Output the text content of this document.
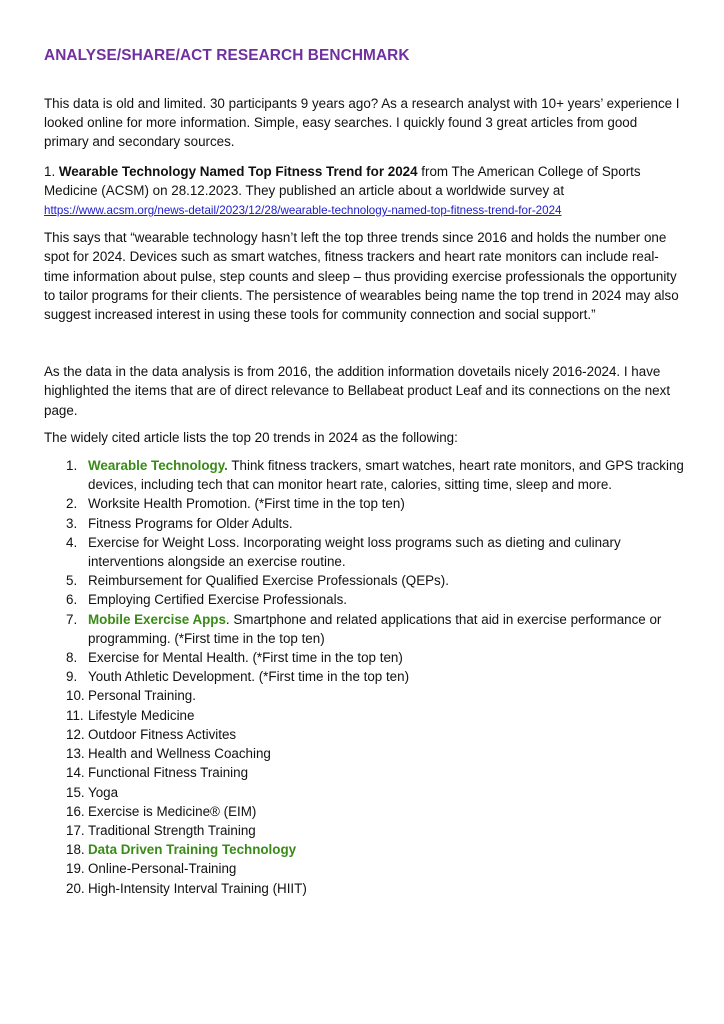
ANALYSE/SHARE/ACT RESEARCH BENCHMARK

This data is old and limited. 30 participants 9 years ago? As a research analyst with 10+ years’ experience I looked online for more information. Simple, easy searches. I quickly found 3 great articles from good primary and secondary sources.

1. Wearable Technology Named Top Fitness Trend for 2024 from The American College of Sports Medicine (ACSM) on 28.12.2023. They published an article about a worldwide survey at https://www.acsm.org/news-detail/2023/12/28/wearable-technology-named-top-fitness-trend-for-2024

This says that “wearable technology hasn’t left the top three trends since 2016 and holds the number one spot for 2024. Devices such as smart watches, fitness trackers and heart rate monitors can include real-time information about pulse, step counts and sleep – thus providing exercise professionals the opportunity to tailor programs for their clients. The persistence of wearables being name the top trend in 2024 may also suggest increased interest in using these tools for community connection and social support.”

As the data in the data analysis is from 2016, the addition information dovetails nicely 2016-2024. I have highlighted the items that are of direct relevance to Bellabeat product Leaf and its connections on the next page.

The widely cited article lists the top 20 trends in 2024 as the following:

1. Wearable Technology. Think fitness trackers, smart watches, heart rate monitors, and GPS tracking devices, including tech that can monitor heart rate, calories, sitting time, sleep and more.
2. Worksite Health Promotion. (*First time in the top ten)
3. Fitness Programs for Older Adults.
4. Exercise for Weight Loss. Incorporating weight loss programs such as dieting and culinary interventions alongside an exercise routine.
5. Reimbursement for Qualified Exercise Professionals (QEPs).
6. Employing Certified Exercise Professionals.
7. Mobile Exercise Apps. Smartphone and related applications that aid in exercise performance or programming. (*First time in the top ten)
8. Exercise for Mental Health. (*First time in the top ten)
9. Youth Athletic Development. (*First time in the top ten)
10. Personal Training.
11. Lifestyle Medicine
12. Outdoor Fitness Activites
13. Health and Wellness Coaching
14. Functional Fitness Training
15. Yoga
16. Exercise is Medicine® (EIM)
17. Traditional Strength Training
18. Data Driven Training Technology
19. Online-Personal-Training
20. High-Intensity Interval Training (HIIT)
